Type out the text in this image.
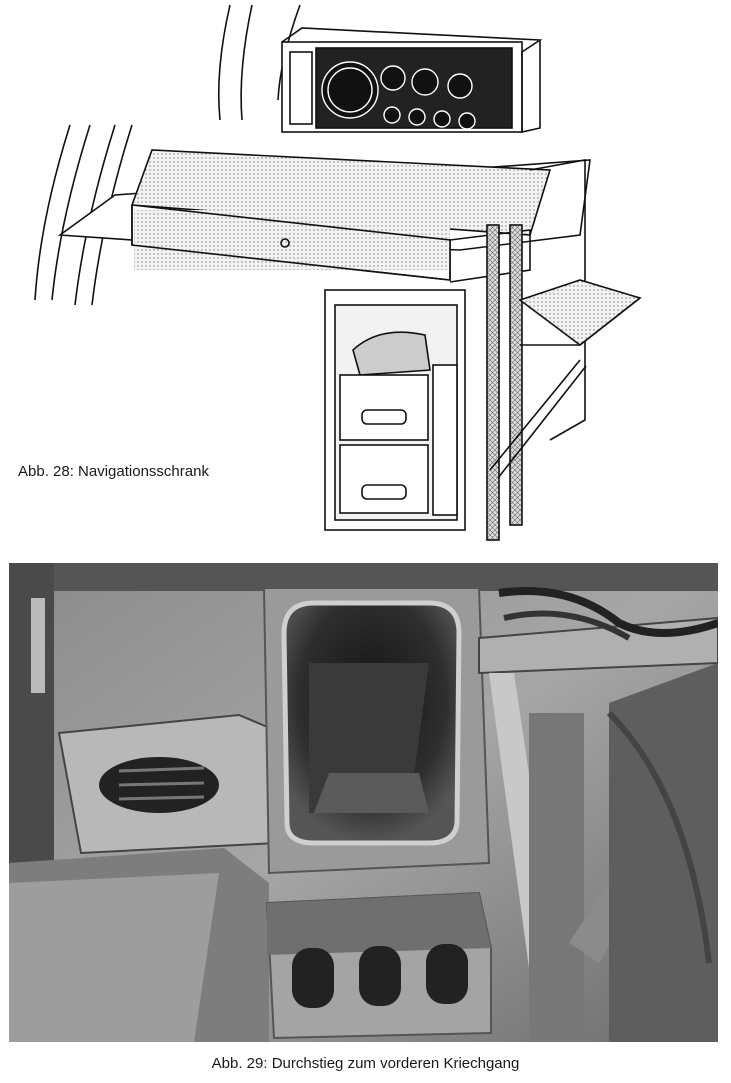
Abb. 28: Navigationsschrank
Abb. 29: Durchstieg zum vorderen Kriechgang
